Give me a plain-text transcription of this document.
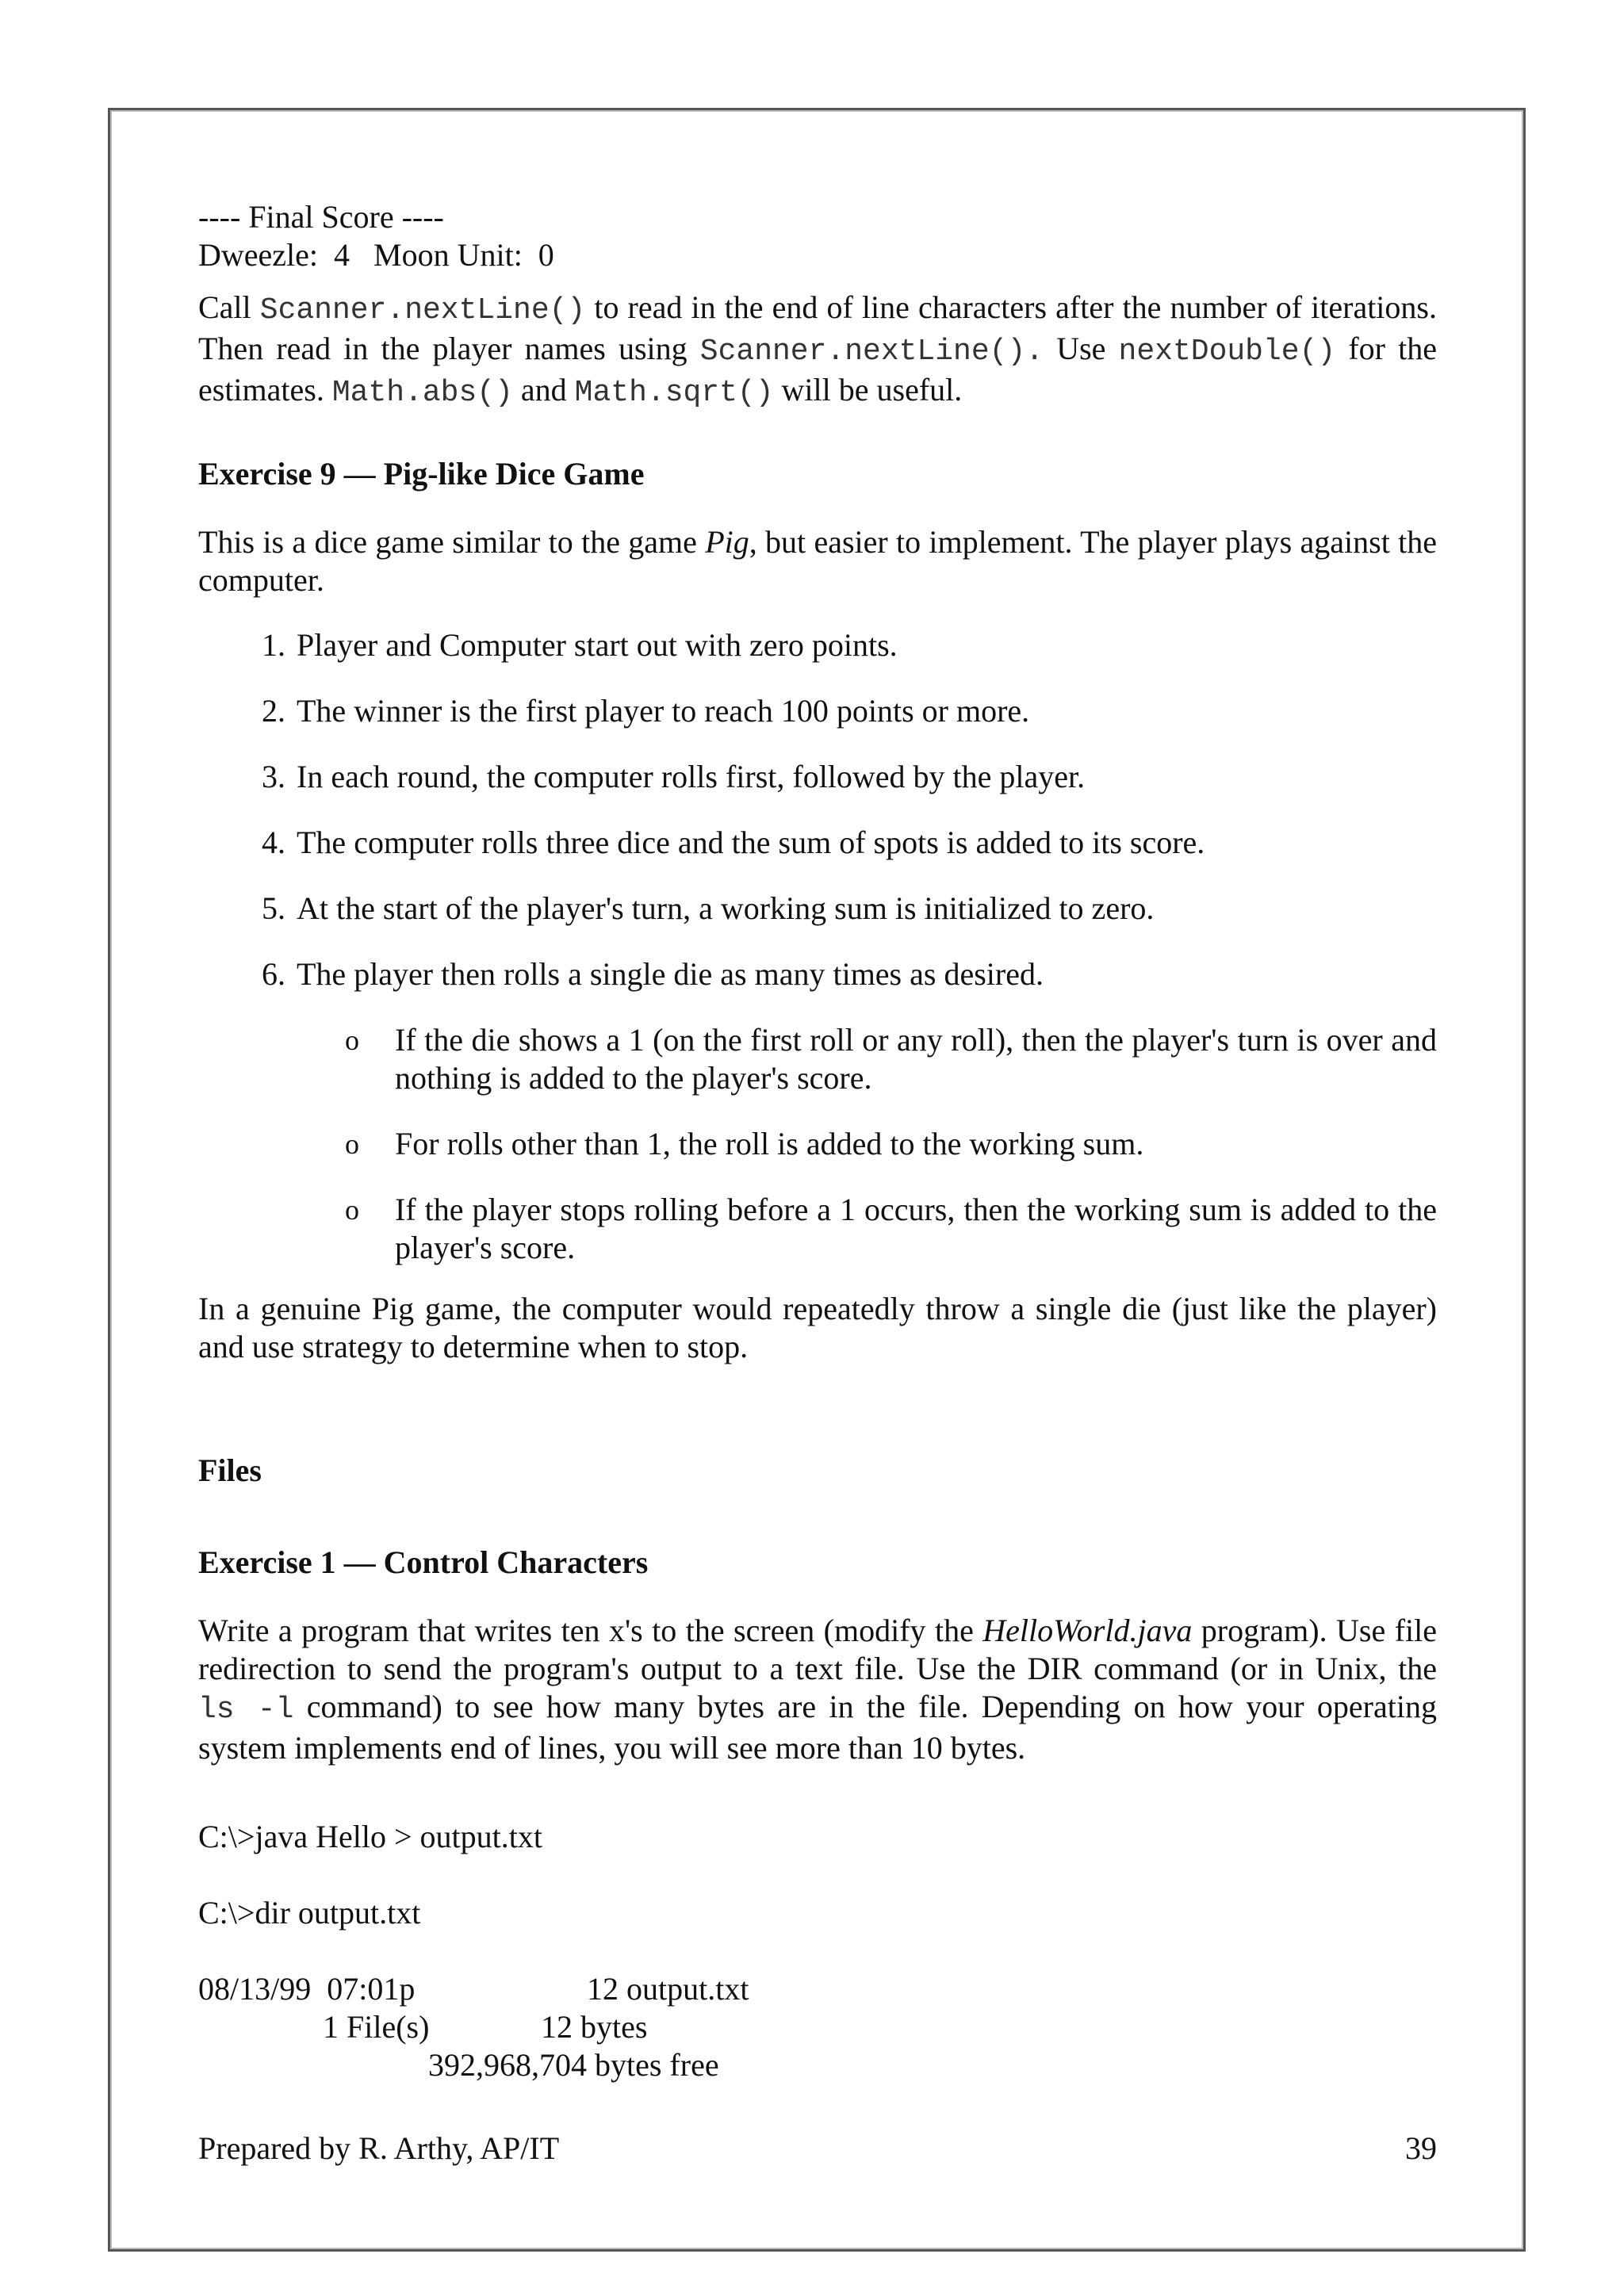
---- Final Score ----

Dweezle:  4   Moon Unit:  0

Call Scanner.nextLine() to read in the end of line characters after the number of iterations. Then read in the player names using Scanner.nextLine(). Use nextDouble() for the estimates. Math.abs() and Math.sqrt() will be useful.

Exercise 9 — Pig-like Dice Game

This is a dice game similar to the game Pig, but easier to implement. The player plays against the computer.

1. Player and Computer start out with zero points.
2. The winner is the first player to reach 100 points or more.
3. In each round, the computer rolls first, followed by the player.
4. The computer rolls three dice and the sum of spots is added to its score.
5. At the start of the player's turn, a working sum is initialized to zero.
6. The player then rolls a single die as many times as desired.
o If the die shows a 1 (on the first roll or any roll), then the player's turn is over and nothing is added to the player's score.
o For rolls other than 1, the roll is added to the working sum.
o If the player stops rolling before a 1 occurs, then the working sum is added to the player's score.

In a genuine Pig game, the computer would repeatedly throw a single die (just like the player) and use strategy to determine when to stop.

Files

Exercise 1 — Control Characters

Write a program that writes ten x's to the screen (modify the HelloWorld.java program). Use file redirection to send the program's output to a text file. Use the DIR command (or in Unix, the ls -l command) to see how many bytes are in the file. Depending on how your operating system implements end of lines, you will see more than 10 bytes.

C:\>java Hello > output.txt

C:\>dir output.txt

08/13/99  07:01p	12 output.txt
1 File(s)	12 bytes
392,968,704 bytes free
Prepared by R. Arthy, AP/IT	39
